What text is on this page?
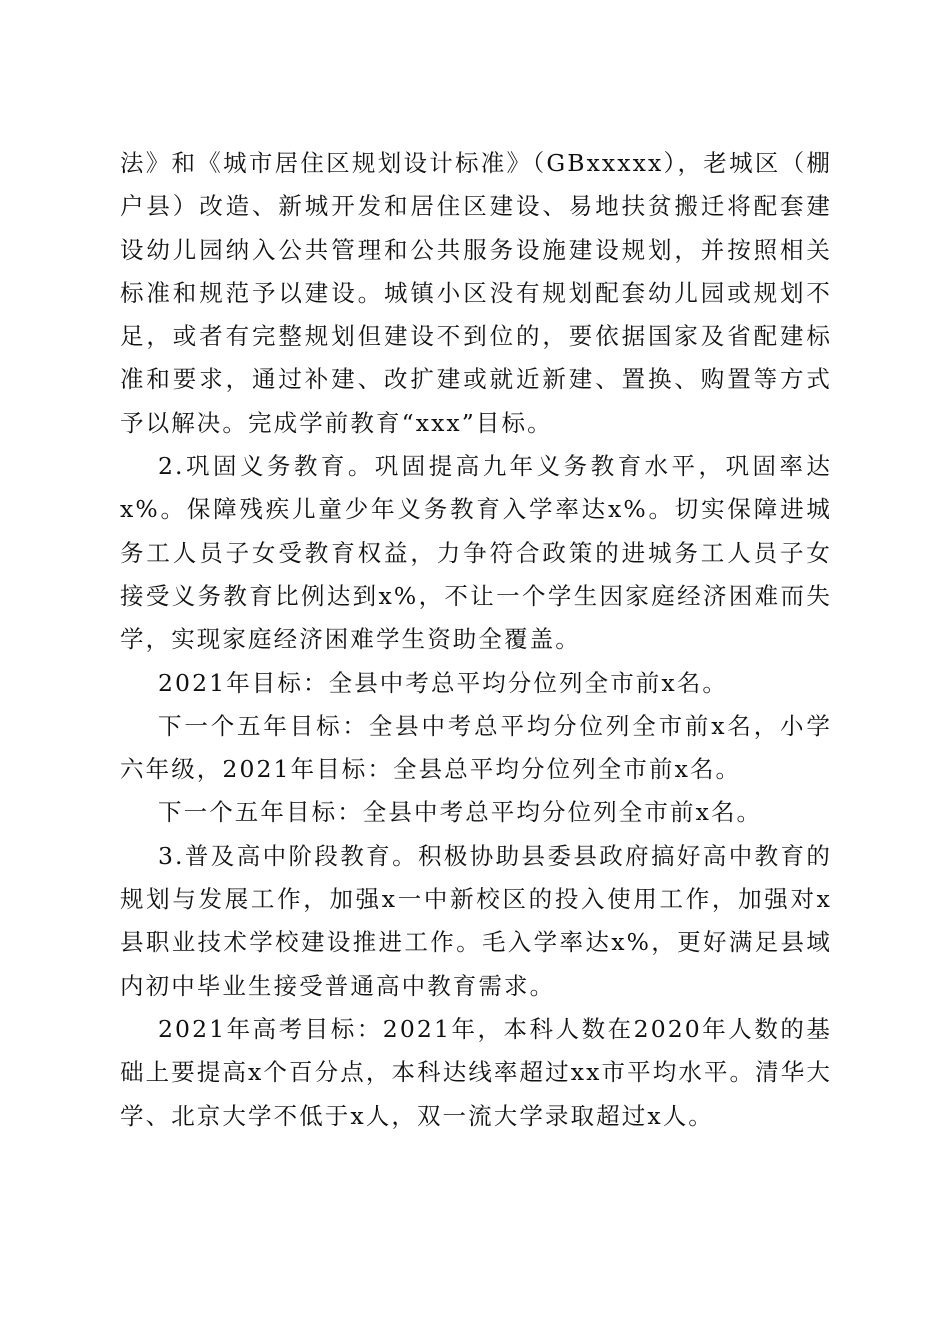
法》和《城市居住区规划设计标准》（GBxxxxx），老城区（棚户县）改造、新城开发和居住区建设、易地扶贫搬迁将配套建设幼儿园纳入公共管理和公共服务设施建设规划，并按照相关标准和规范予以建设。城镇小区没有规划配套幼儿园或规划不足，或者有完整规划但建设不到位的，要依据国家及省配建标准和要求，通过补建、改扩建或就近新建、置换、购置等方式予以解决。完成学前教育“xxx”目标。

2.巩固义务教育。巩固提高九年义务教育水平，巩固率达x%。保障残疾儿童少年义务教育入学率达x%。切实保障进城务工人员子女受教育权益，力争符合政策的进城务工人员子女接受义务教育比例达到x%，不让一个学生因家庭经济困难而失学，实现家庭经济困难学生资助全覆盖。

2021年目标：全县中考总平均分位列全市前x名。

下一个五年目标：全县中考总平均分位列全市前x名，小学六年级，2021年目标：全县总平均分位列全市前x名。

下一个五年目标：全县中考总平均分位列全市前x名。

3.普及高中阶段教育。积极协助县委县政府搞好高中教育的规划与发展工作，加强x一中新校区的投入使用工作，加强对x县职业技术学校建设推进工作。毛入学率达x%，更好满足县域内初中毕业生接受普通高中教育需求。

2021年高考目标：2021年，本科人数在2020年人数的基础上要提高x个百分点，本科达线率超过xx市平均水平。清华大学、北京大学不低于x人，双一流大学录取超过x人。
